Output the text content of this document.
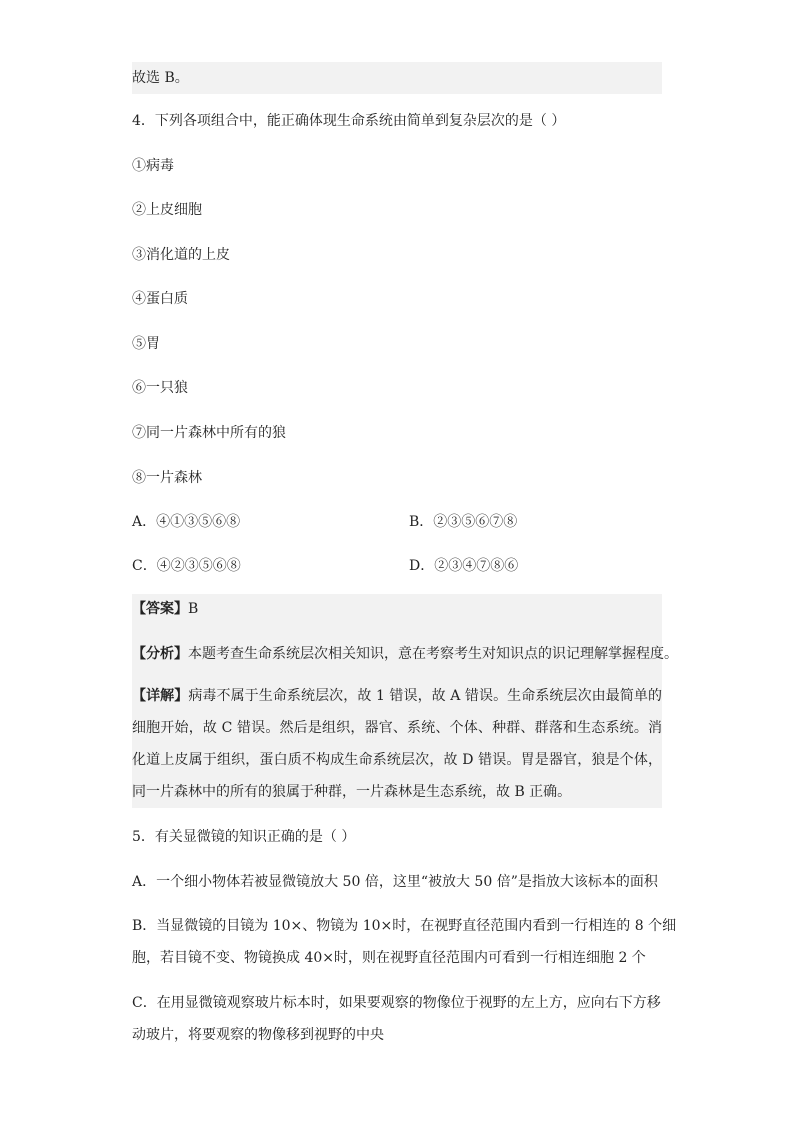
故选 B。
4．下列各项组合中，能正确体现生命系统由简单到复杂层次的是（ ）
①病毒
②上皮细胞
③消化道的上皮
④蛋白质
⑤胃
⑥一只狼
⑦同一片森林中所有的狼
⑧一片森林
A．④①③⑤⑥⑧	B．②③⑤⑥⑦⑧
C．④②③⑤⑥⑧	D．②③④⑦⑧⑥
【答案】B
【分析】本题考查生命系统层次相关知识，意在考察考生对知识点的识记理解掌握程度。
【详解】病毒不属于生命系统层次，故 1 错误，故 A 错误。生命系统层次由最简单的细胞开始，故 C 错误。然后是组织，器官、系统、个体、种群、群落和生态系统。消化道上皮属于组织，蛋白质不构成生命系统层次，故 D 错误。胃是器官，狼是个体，同一片森林中的所有的狼属于种群，一片森林是生态系统，故 B 正确。
5．有关显微镜的知识正确的是（ ）
A．一个细小物体若被显微镜放大 50 倍，这里“被放大 50 倍”是指放大该标本的面积
B．当显微镜的目镜为 10×、物镜为 10×时，在视野直径范围内看到一行相连的 8 个细
胞，若目镜不变、物镜换成 40×时，则在视野直径范围内可看到一行相连细胞 2 个
C．在用显微镜观察玻片标本时，如果要观察的物像位于视野的左上方，应向右下方移
动玻片，将要观察的物像移到视野的中央
